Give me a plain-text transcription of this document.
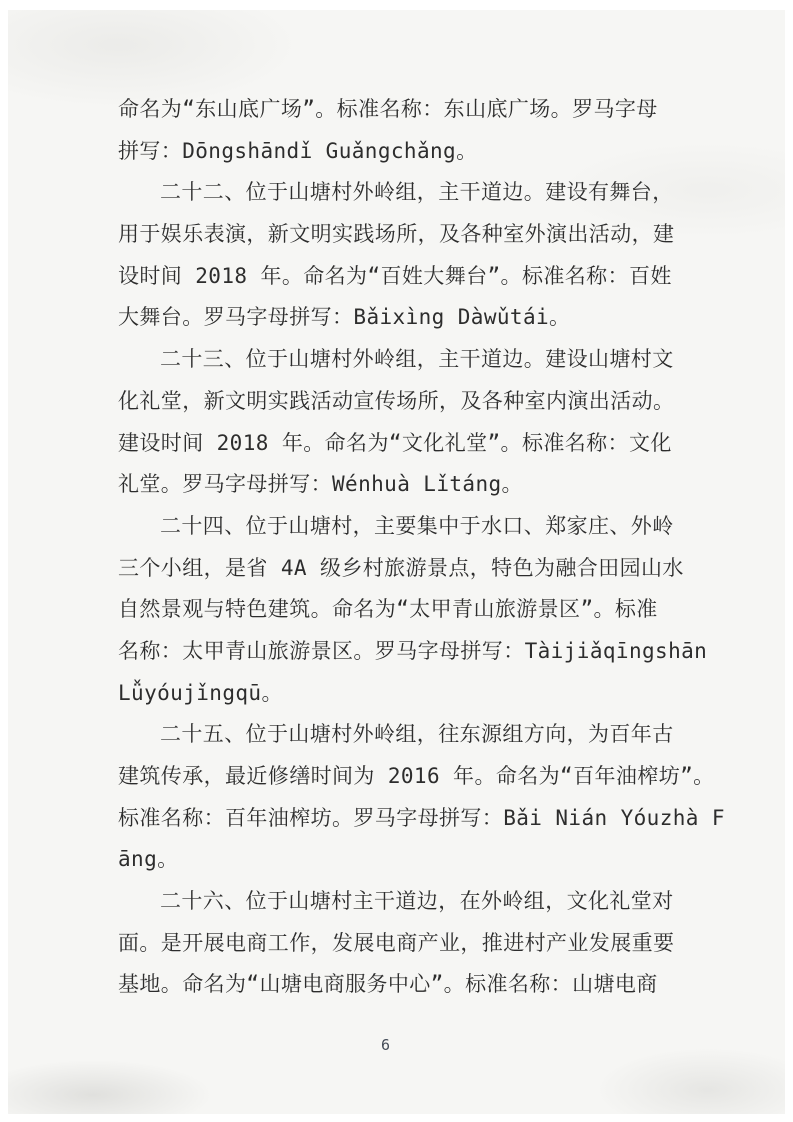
命名为“东山底广场”。标准名称：东山底广场。罗马字母
拼写：Dōngshāndǐ Guǎngchǎng。
二十二、位于山塘村外岭组，主干道边。建设有舞台，
用于娱乐表演，新文明实践场所，及各种室外演出活动，建
设时间 2018 年。命名为“百姓大舞台”。标准名称：百姓
大舞台。罗马字母拼写：Bǎixìng Dàwǔtái。
二十三、位于山塘村外岭组，主干道边。建设山塘村文
化礼堂，新文明实践活动宣传场所，及各种室内演出活动。
建设时间 2018 年。命名为“文化礼堂”。标准名称：文化
礼堂。罗马字母拼写：Wénhuà Lǐtáng。
二十四、位于山塘村，主要集中于水口、郑家庄、外岭
三个小组，是省 4A 级乡村旅游景点，特色为融合田园山水
自然景观与特色建筑。命名为“太甲青山旅游景区”。标准
名称：太甲青山旅游景区。罗马字母拼写：Tàijiǎqīngshān
Lǚyóujǐngqū。
二十五、位于山塘村外岭组，往东源组方向，为百年古
建筑传承，最近修缮时间为 2016 年。命名为“百年油榨坊”。
标准名称：百年油榨坊。罗马字母拼写：Bǎi Nián Yóuzhà F
āng。
二十六、位于山塘村主干道边，在外岭组，文化礼堂对
面。是开展电商工作，发展电商产业，推进村产业发展重要
基地。命名为“山塘电商服务中心”。标准名称：山塘电商
6
